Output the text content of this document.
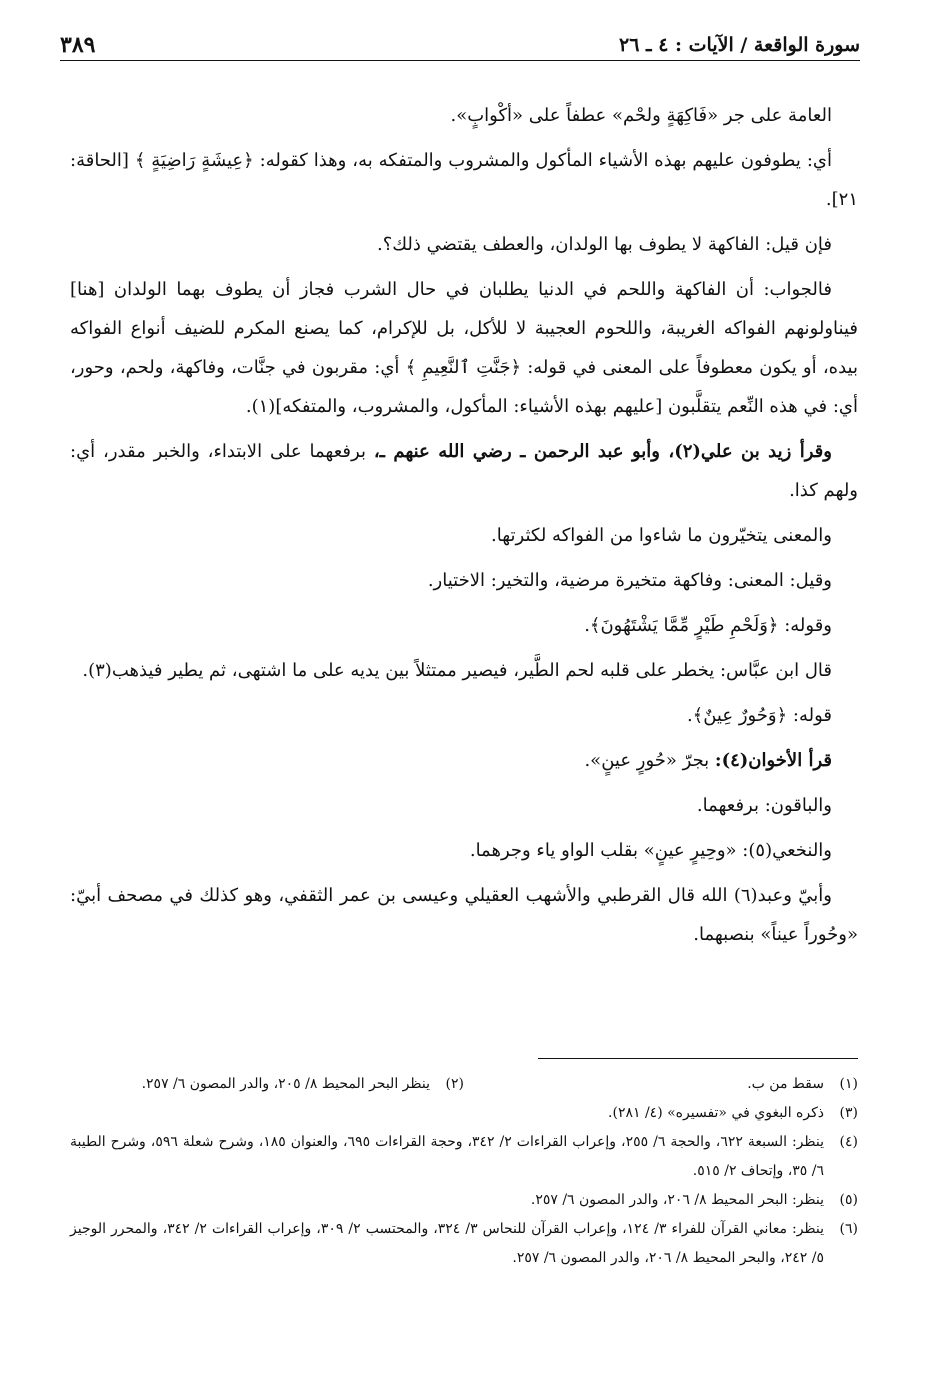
سورة الواقعة / الآيات : ٤ ـ ٢٦
٣٨٩

العامة على جر «فَاكِهَةٍ ولحْم» عطفاً على «أكْوابٍ».

أي: يطوفون عليهم بهذه الأشياء المأكول والمشروب والمتفكه به، وهذا كقوله: ﴿عِيشَةٍ رَاضِيَةٍ ﴾ [الحاقة: ٢١].

فإن قيل: الفاكهة لا يطوف بها الولدان، والعطف يقتضي ذلك؟.

فالجواب: أن الفاكهة واللحم في الدنيا يطلبان في حال الشرب فجاز أن يطوف بهما الولدان [هنا] فيناولونهم الفواكه الغريبة، واللحوم العجيبة لا للأكل، بل للإكرام، كما يصنع المكرم للضيف أنواع الفواكه بيده، أو يكون معطوفاً على المعنى في قوله: ﴿جَنَّتِ ٱلنَّعِيمِ ﴾ أي: مقربون في جنَّات، وفاكهة، ولحم، وحور، أي: في هذه النِّعم يتقلَّبون [عليهم بهذه الأشياء: المأكول، والمشروب، والمتفكه](١).

وقرأ زيد بن علي(٢)، وأبو عبد الرحمن ـ رضي الله عنهم ـ، برفعهما على الابتداء، والخبر مقدر، أي: ولهم كذا.

والمعنى يتخيّرون ما شاءوا من الفواكه لكثرتها.

وقيل: المعنى: وفاكهة متخيرة مرضية، والتخير: الاختيار.

وقوله: ﴿وَلَحْمِ طَيْرٍ مِّمَّا يَشْتَهُونَ﴾.

قال ابن عبَّاس: يخطر على قلبه لحم الطَّير، فيصير ممتثلاً بين يديه على ما اشتهى، ثم يطير فيذهب(٣).

قوله: ﴿وَحُورٌ عِينٌ﴾.

قرأ الأخوان(٤): بجرّ «حُورٍ عينٍ».

والباقون: برفعهما.

والنخعي(٥): «وحِيرٍ عينٍ» بقلب الواو ياء وجرهما.

وأبيّ وعبد(٦) الله قال القرطبي والأشهب العقيلي وعيسى بن عمر الثقفي، وهو كذلك في مصحف أبيّ: «وحُوراً عيناً» بنصبهما.

(١)
سقط من ب.
(٢)
ينظر البحر المحيط ٨/ ٢٠٥، والدر المصون ٦/ ٢٥٧.
(٣)
ذكره البغوي في «تفسيره» (٤/ ٢٨١).
(٤)
ينظر: السبعة ٦٢٢، والحجة ٦/ ٢٥٥، وإعراب القراءات ٢/ ٣٤٢، وحجة القراءات ٦٩٥، والعنوان ١٨٥، وشرح شعلة ٥٩٦، وشرح الطيبة ٦/ ٣٥، وإتحاف ٢/ ٥١٥.
(٥)
ينظر: البحر المحيط ٨/ ٢٠٦، والدر المصون ٦/ ٢٥٧.
(٦)
ينظر: معاني القرآن للفراء ٣/ ١٢٤، وإعراب القرآن للنحاس ٣/ ٣٢٤، والمحتسب ٢/ ٣٠٩، وإعراب القراءات ٢/ ٣٤٢، والمحرر الوجيز ٥/ ٢٤٢، والبحر المحيط ٨/ ٢٠٦، والدر المصون ٦/ ٢٥٧.
